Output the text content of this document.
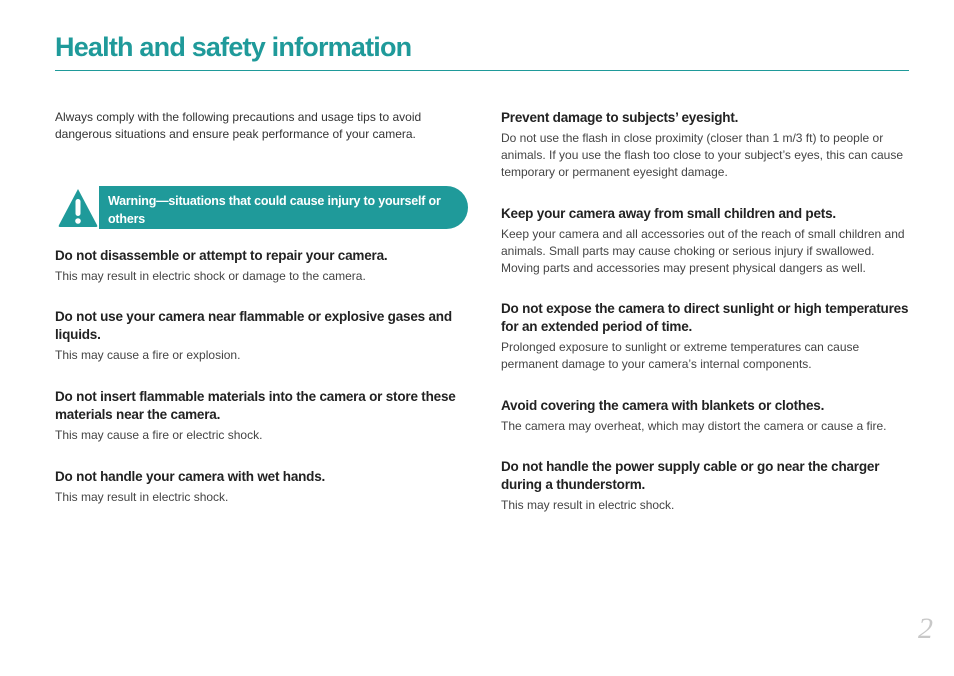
Health and safety information

Always comply with the following precautions and usage tips to avoid dangerous situations and ensure peak performance of your camera.

Warning—situations that could cause injury to yourself or others
Do not disassemble or attempt to repair your camera.

This may result in electric shock or damage to the camera.

Do not use your camera near flammable or explosive gases and liquids.

This may cause a fire or explosion.

Do not insert flammable materials into the camera or store these materials near the camera.

This may cause a fire or electric shock.

Do not handle your camera with wet hands.

This may result in electric shock.

Prevent damage to subjects’ eyesight.

Do not use the flash in close proximity (closer than 1 m/3 ft) to people or animals. If you use the flash too close to your subject’s eyes, this can cause temporary or permanent eyesight damage.

Keep your camera away from small children and pets.

Keep your camera and all accessories out of the reach of small children and animals. Small parts may cause choking or serious injury if swallowed. Moving parts and accessories may present physical dangers as well.

Do not expose the camera to direct sunlight or high temperatures for an extended period of time.

Prolonged exposure to sunlight or extreme temperatures can cause permanent damage to your camera’s internal components.

Avoid covering the camera with blankets or clothes.

The camera may overheat, which may distort the camera or cause a fire.

Do not handle the power supply cable or go near the charger during a thunderstorm.

This may result in electric shock.

2
